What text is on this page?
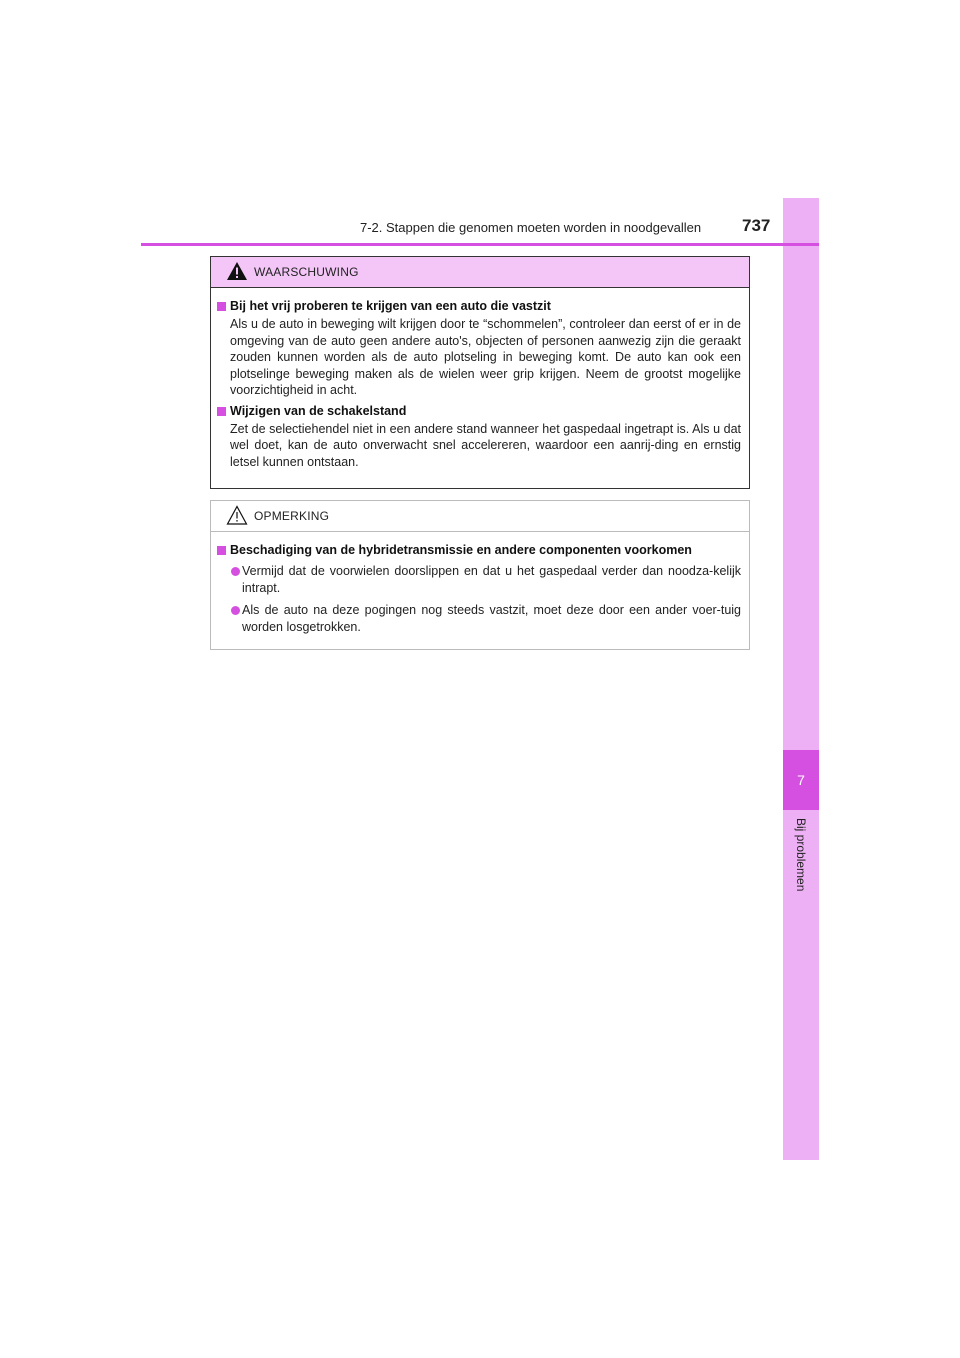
7
Bij problemen
7-2. Stappen die genomen moeten worden in noodgevallen 737
WAARSCHUWING
Bij het vrij proberen te krijgen van een auto die vastzit
Als u de auto in beweging wilt krijgen door te “schommelen”, controleer dan eerst of er in de omgeving van de auto geen andere auto's, objecten of personen aanwezig zijn die geraakt zouden kunnen worden als de auto plotseling in beweging komt. De auto kan ook een plotselinge beweging maken als de wielen weer grip krijgen. Neem de grootst mogelijke voorzichtigheid in acht.
Wijzigen van de schakelstand
Zet de selectiehendel niet in een andere stand wanneer het gaspedaal ingetrapt is. Als u dat wel doet, kan de auto onverwacht snel accelereren, waardoor een aanrij-ding en ernstig letsel kunnen ontstaan.
OPMERKING
Beschadiging van de hybridetransmissie en andere componenten voorkomen
Vermijd dat de voorwielen doorslippen en dat u het gaspedaal verder dan noodza-kelijk intrapt.
Als de auto na deze pogingen nog steeds vastzit, moet deze door een ander voer-tuig worden losgetrokken.
